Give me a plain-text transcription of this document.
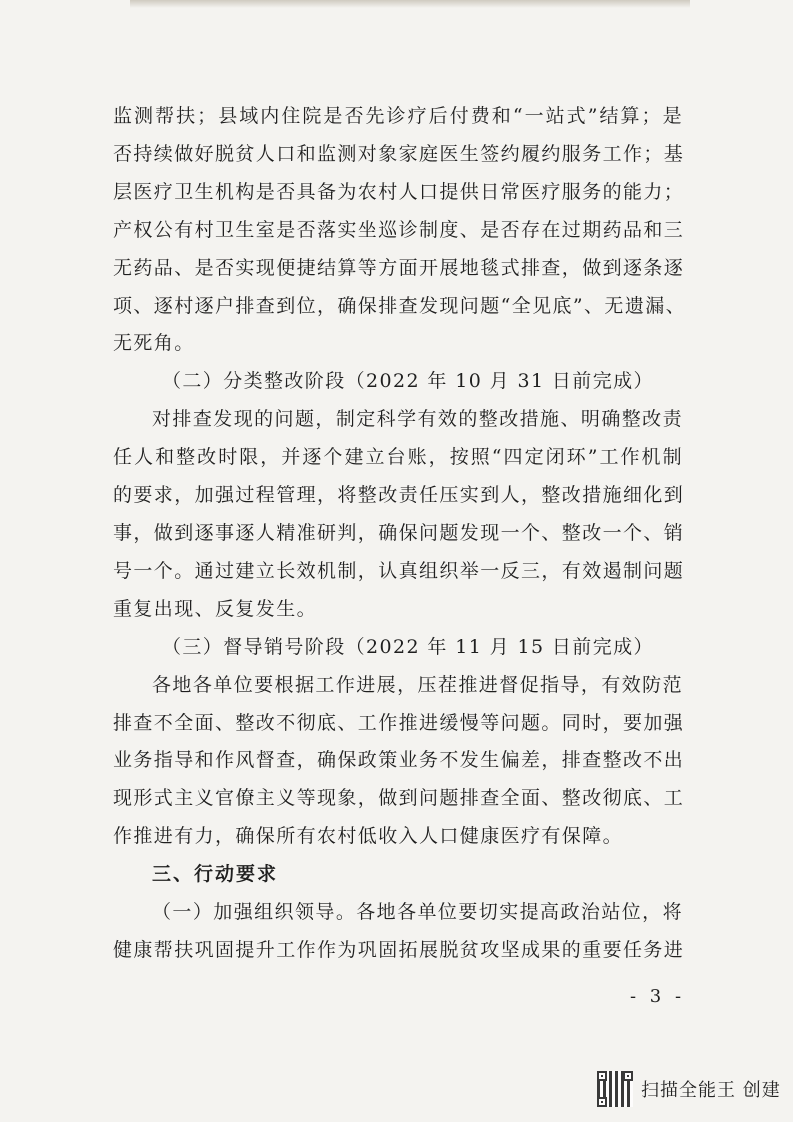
监测帮扶；县域内住院是否先诊疗后付费和“一站式”结算；是
否持续做好脱贫人口和监测对象家庭医生签约履约服务工作；基
层医疗卫生机构是否具备为农村人口提供日常医疗服务的能力；
产权公有村卫生室是否落实坐巡诊制度、是否存在过期药品和三
无药品、是否实现便捷结算等方面开展地毯式排查，做到逐条逐
项、逐村逐户排查到位，确保排查发现问题“全见底”、无遗漏、
无死角。
（二）分类整改阶段（2022 年 10 月 31 日前完成）
对排查发现的问题，制定科学有效的整改措施、明确整改责
任人和整改时限，并逐个建立台账，按照“四定闭环”工作机制
的要求，加强过程管理，将整改责任压实到人，整改措施细化到
事，做到逐事逐人精准研判，确保问题发现一个、整改一个、销
号一个。通过建立长效机制，认真组织举一反三，有效遏制问题
重复出现、反复发生。
（三）督导销号阶段（2022 年 11 月 15 日前完成）
各地各单位要根据工作进展，压茬推进督促指导，有效防范
排查不全面、整改不彻底、工作推进缓慢等问题。同时，要加强
业务指导和作风督查，确保政策业务不发生偏差，排查整改不出
现形式主义官僚主义等现象，做到问题排查全面、整改彻底、工
作推进有力，确保所有农村低收入人口健康医疗有保障。
三、行动要求
（一）加强组织领导。各地各单位要切实提高政治站位，将
健康帮扶巩固提升工作作为巩固拓展脱贫攻坚成果的重要任务进
- 3 -
扫描全能王 创建
